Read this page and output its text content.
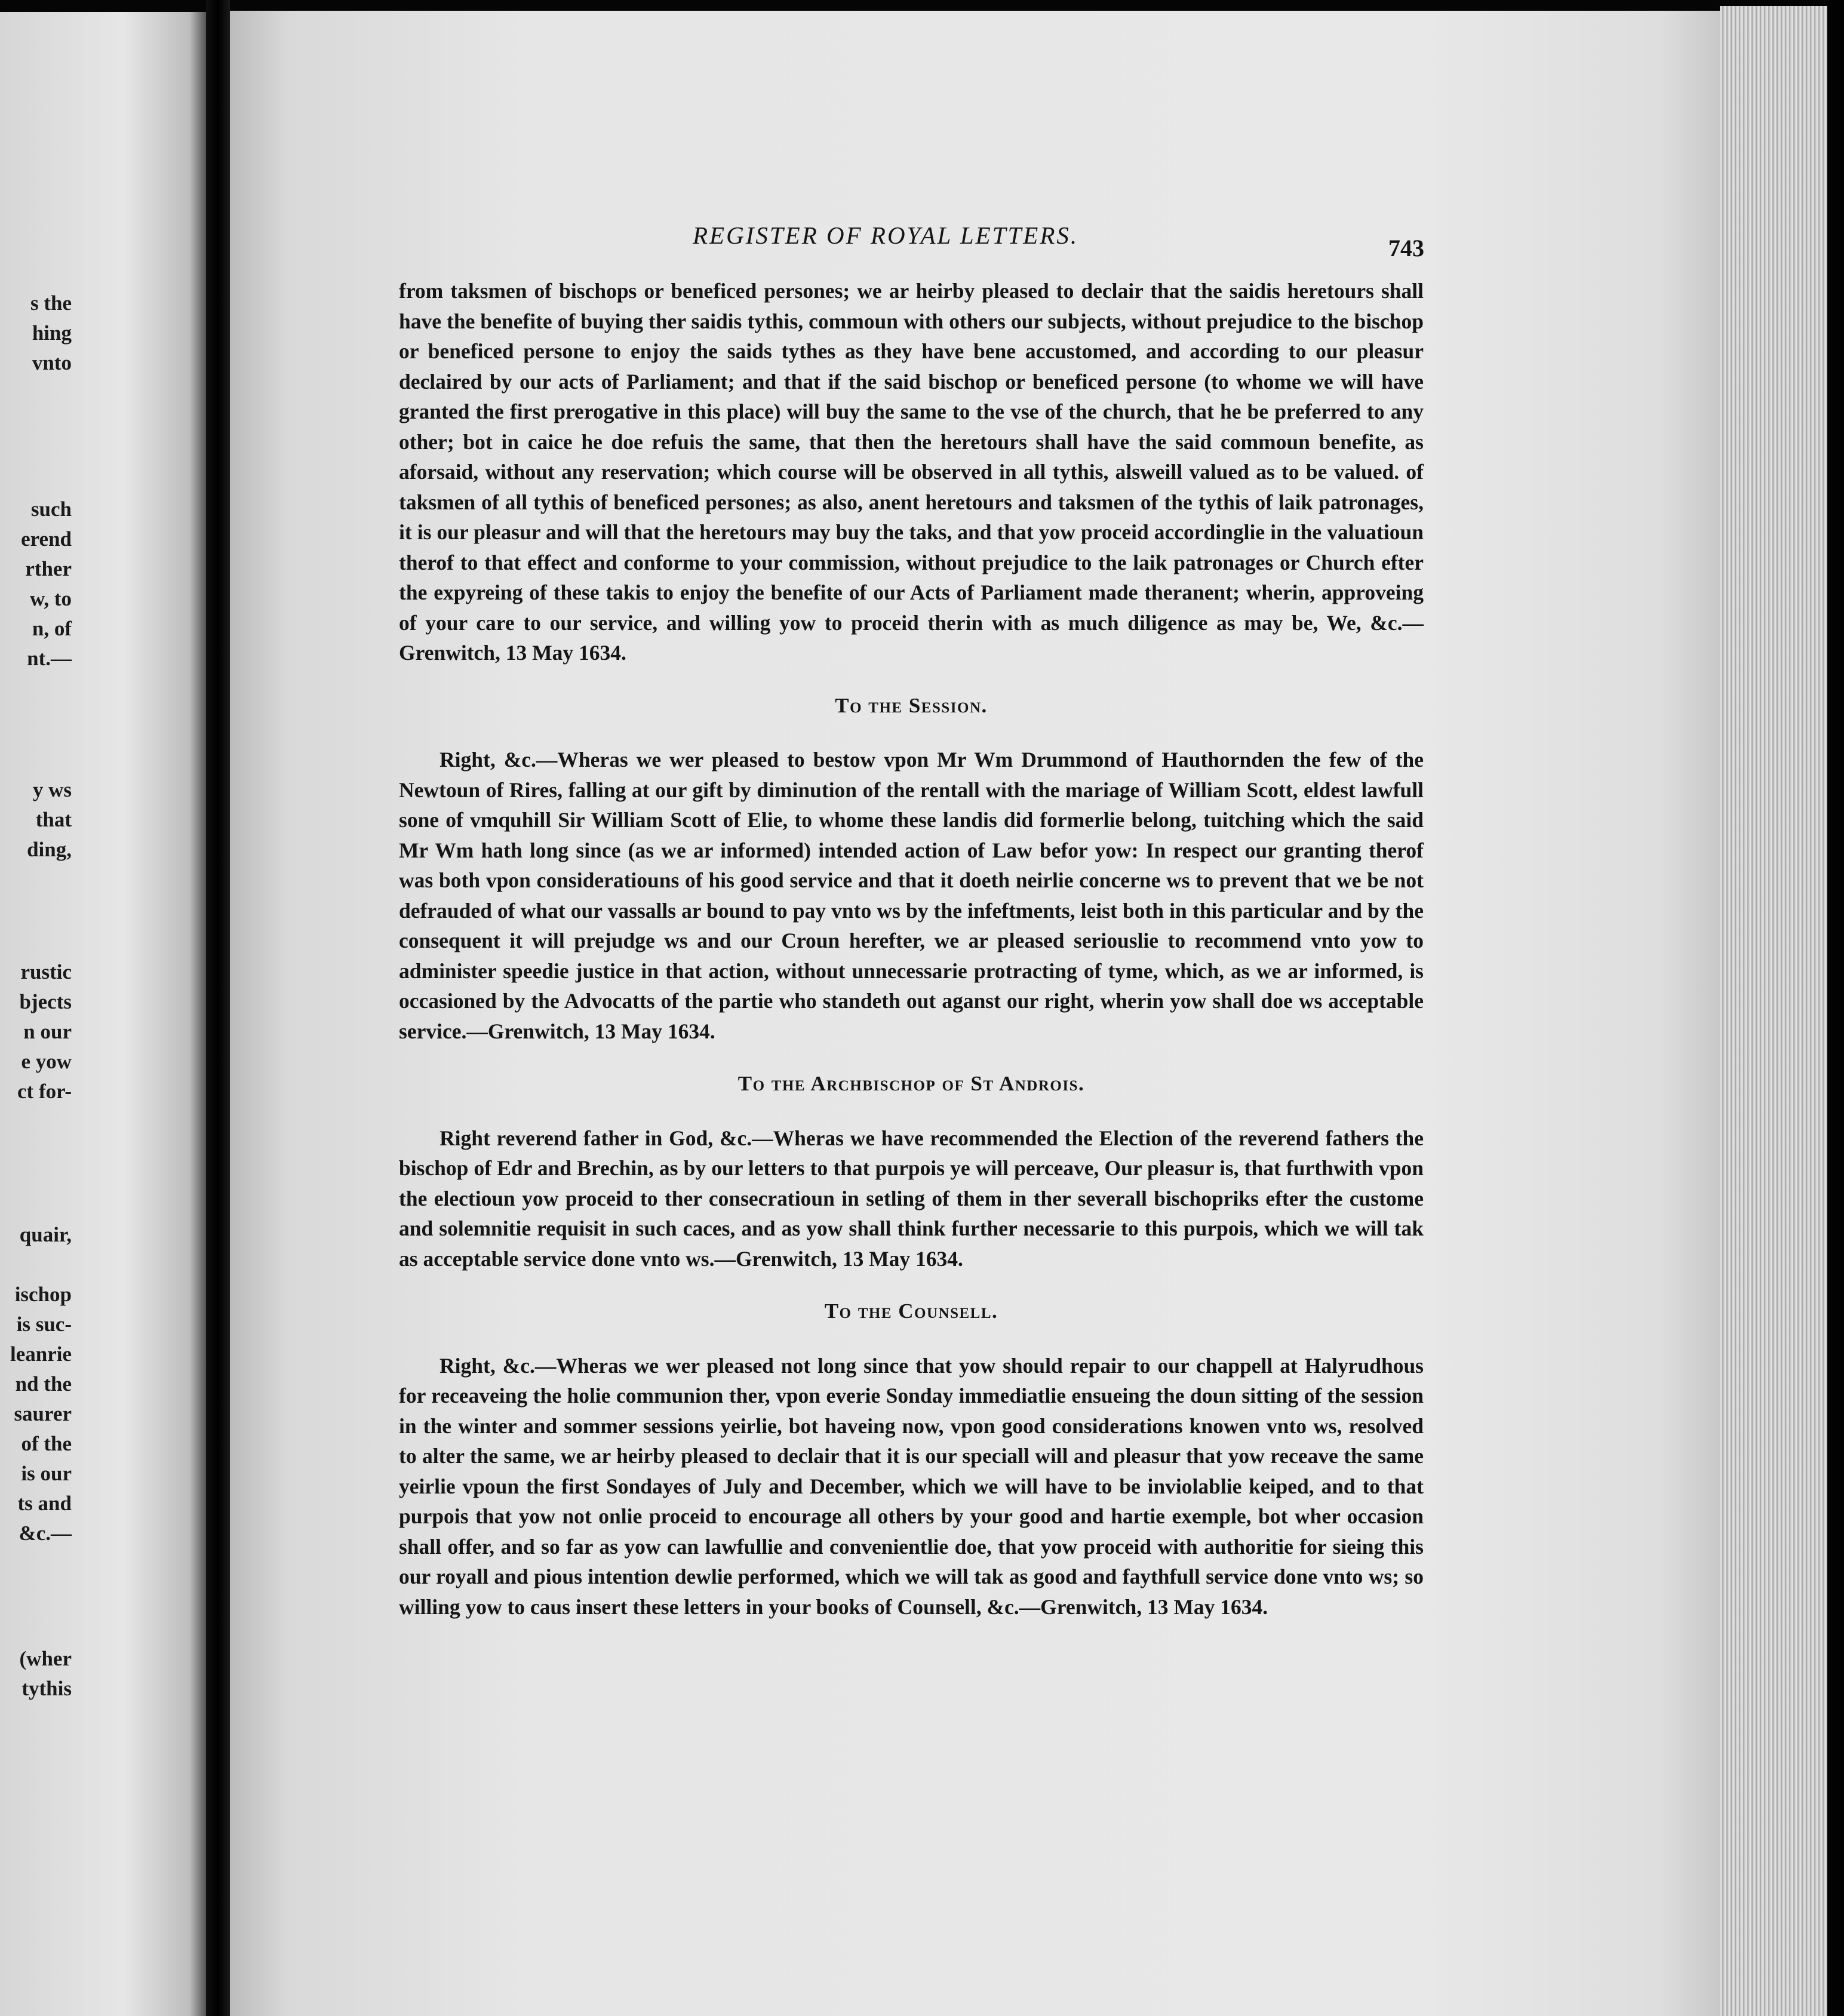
s the
hing
vnto
such
erend
rther
w, to
n, of
nt.—
y ws
that
ding,
rustic
bjects
n our
e yow
ct for-
quair,
ischop
is suc-
leanrie
nd the
saurer
of the
is our
ts and
&c.—
(wher
tythis
REGISTER OF ROYAL LETTERS.	743

from taksmen of bischops or beneficed persones; we ar heirby pleased to declair that the saidis heretours shall have the benefite of buying ther saidis tythis, commoun with others our subjects, without prejudice to the bischop or beneficed persone to enjoy the saids tythes as they have bene accustomed, and according to our pleasur declaired by our acts of Parliament; and that if the said bischop or beneficed persone (to whome we will have granted the first prerogative in this place) will buy the same to the vse of the church, that he be preferred to any other; bot in caice he doe refuis the same, that then the heretours shall have the said commoun benefite, as aforsaid, without any reservation; which course will be observed in all tythis, alsweill valued as to be valued. of taksmen of all tythis of beneficed persones; as also, anent heretours and taksmen of the tythis of laik patronages, it is our pleasur and will that the heretours may buy the taks, and that yow proceid accordinglie in the valuatioun therof to that effect and conforme to your commission, without prejudice to the laik patronages or Church efter the expyreing of these takis to enjoy the benefite of our Acts of Parliament made theranent; wherin, approveing of your care to our service, and willing yow to proceid therin with as much diligence as may be, We, &c.—Grenwitch, 13 May 1634.

To the Session.

Right, &c.—Wheras we wer pleased to bestow vpon Mr Wm Drummond of Hauthornden the few of the Newtoun of Rires, falling at our gift by diminution of the rentall with the mariage of William Scott, eldest lawfull sone of vmquhill Sir William Scott of Elie, to whome these landis did formerlie belong, tuitching which the said Mr Wm hath long since (as we ar informed) intended action of Law befor yow: In respect our granting therof was both vpon consideratiouns of his good service and that it doeth neirlie concerne ws to prevent that we be not defrauded of what our vassalls ar bound to pay vnto ws by the infeftments, leist both in this particular and by the consequent it will prejudge ws and our Croun herefter, we ar pleased seriouslie to recommend vnto yow to administer speedie justice in that action, without unnecessarie protracting of tyme, which, as we ar informed, is occasioned by the Advocatts of the partie who standeth out aganst our right, wherin yow shall doe ws acceptable service.—Grenwitch, 13 May 1634.

To the Archbischop of St Androis.

Right reverend father in God, &c.—Wheras we have recommended the Election of the reverend fathers the bischop of Edr and Brechin, as by our letters to that purpois ye will perceave, Our pleasur is, that furthwith vpon the electioun yow proceid to ther consecratioun in setling of them in ther severall bischopriks efter the custome and solemnitie requisit in such caces, and as yow shall think further necessarie to this purpois, which we will tak as acceptable service done vnto ws.—Grenwitch, 13 May 1634.

To the Counsell.

Right, &c.—Wheras we wer pleased not long since that yow should repair to our chappell at Halyrudhous for receaveing the holie communion ther, vpon everie Sonday immediatlie ensueing the doun sitting of the session in the winter and sommer sessions yeirlie, bot haveing now, vpon good considerations knowen vnto ws, resolved to alter the same, we ar heirby pleased to declair that it is our speciall will and pleasur that yow receave the same yeirlie vpoun the first Sondayes of July and December, which we will have to be inviolablie keiped, and to that purpois that yow not onlie proceid to encourage all others by your good and hartie exemple, bot wher occasion shall offer, and so far as yow can lawfullie and convenientlie doe, that yow proceid with authoritie for sieing this our royall and pious intention dewlie performed, which we will tak as good and faythfull service done vnto ws; so willing yow to caus insert these letters in your books of Counsell, &c.—Grenwitch, 13 May 1634.
